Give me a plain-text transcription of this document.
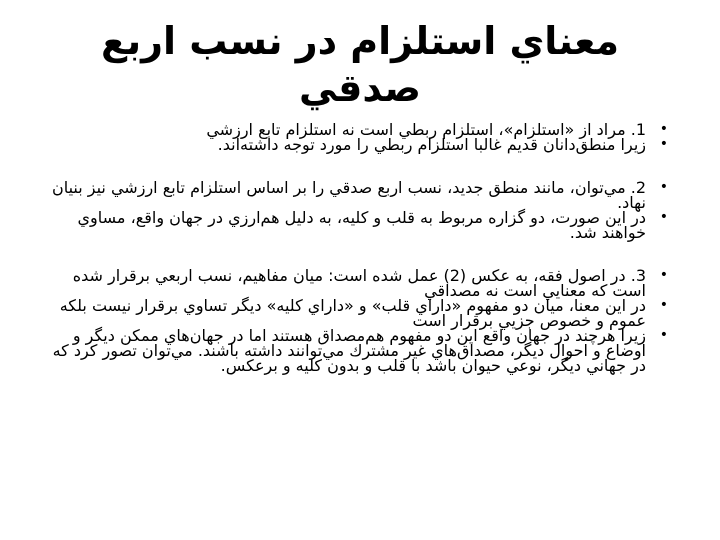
معناي استلزام در نسب اربع صدقي

• 1. مراد از «استلزام»، استلزام ربطي است نه استلزام تابع ارزشي

• زيرا منطق‌دانان قديم غالبا استلزام ربطي را مورد توجه داشته‌اند.

• 2. مي‌توان، مانند منطق جديد، نسب اربع صدقي را بر اساس استلزام تابع ارزشي نيز بنيان نهاد.

• در اين صورت، دو گزاره مربوط به قلب و كليه، به دليل هم‌ارزي در جهان واقع، مساوي خواهند شد.

• 3. در اصول فقه، به عكس (2) عمل شده است: ميان مفاهيم، نسب اربعي برقرار شده است كه معنايي است نه مصداقي

• در اين معنا، ميان دو مفهوم «داراي قلب» و «داراي كليه» ديگر تساوي برقرار نيست بلكه عموم و خصوص جزيي برقرار است

• زيرا هرچند در جهان واقع اين دو مفهوم هم‌مصداق هستند اما در جهان‌هاي ممكن ديگر و اوضاع و احوال ديگر، مصداق‌هاي غير مشترك مي‌توانند داشته باشند. مي‌توان تصور كرد كه در جهاني ديگر، نوعي حيوان باشد با قلب و بدون كليه و برعكس.
